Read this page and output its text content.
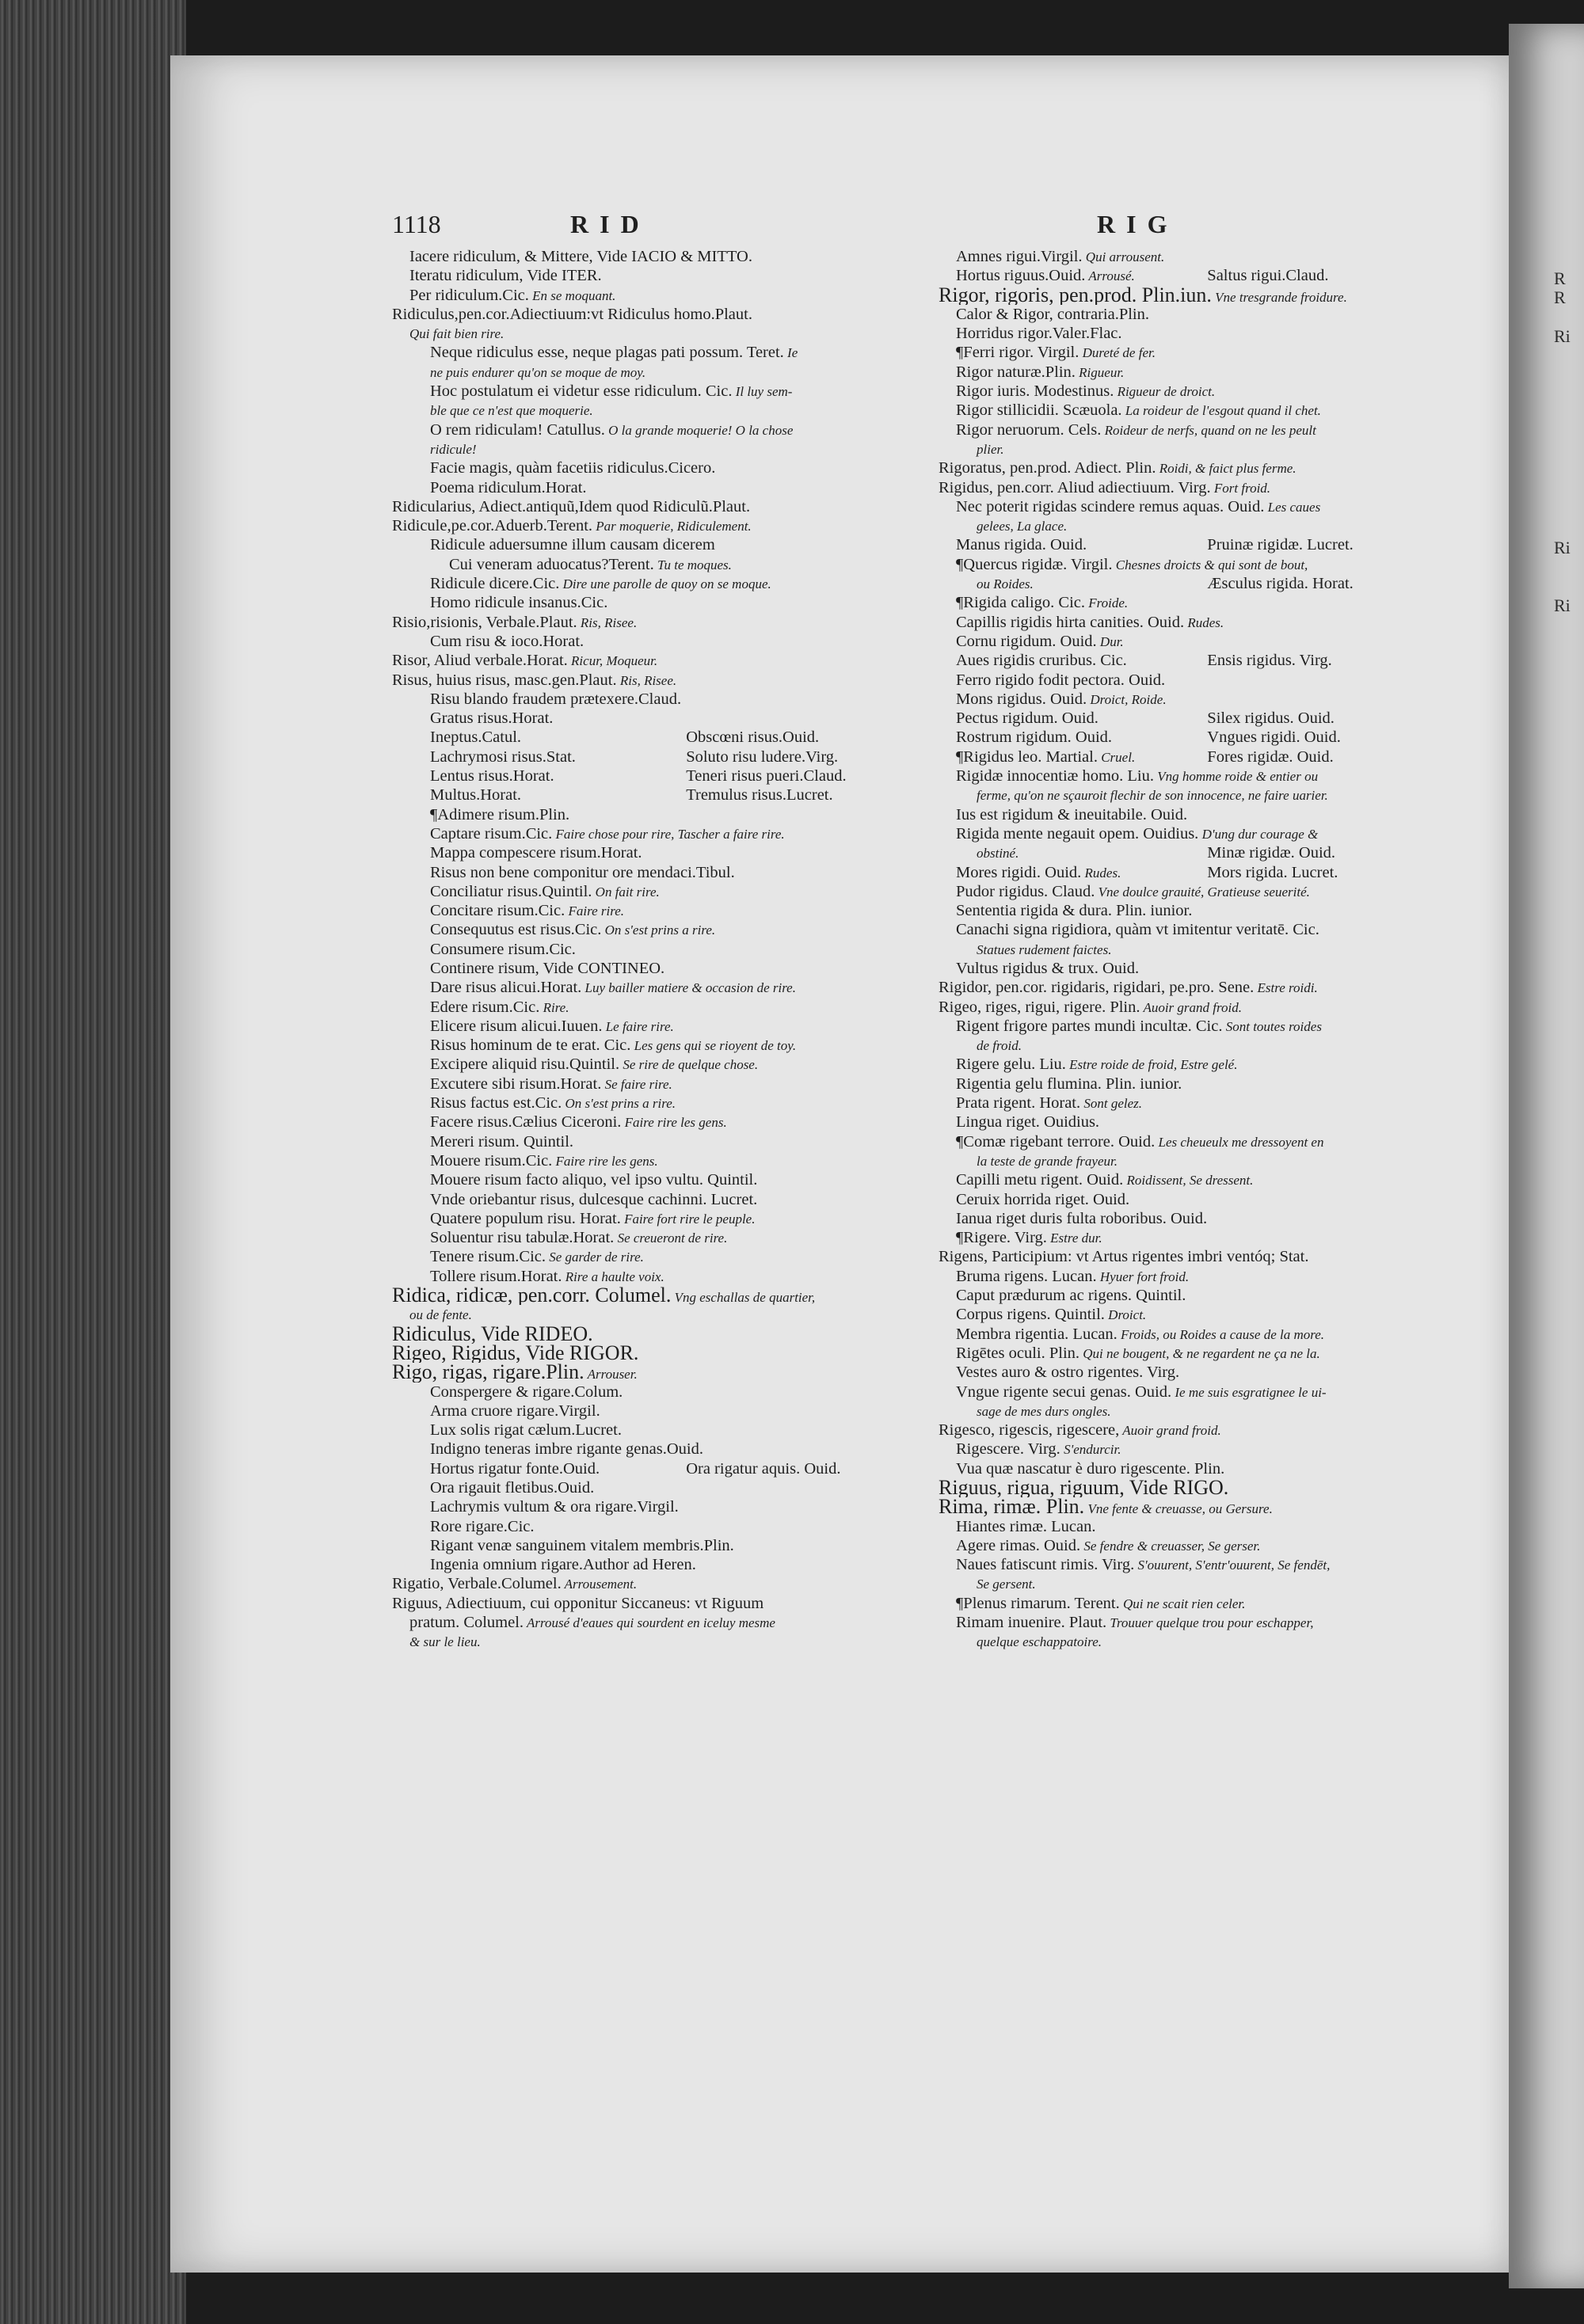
1118	RID	RIG
Iacere ridiculum, & Mittere, Vide IACIO & MITTO.
Iteratu ridiculum, Vide ITER.
Per ridiculum.Cic. En se moquant.
Ridiculus,pen.cor.Adiectiuum:vt Ridiculus homo.Plaut.
Qui fait bien rire.
Neque ridiculus esse, neque plagas pati possum. Teret. Ie
ne puis endurer qu'on se moque de moy.
Hoc postulatum ei videtur esse ridiculum. Cic. Il luy sem-
ble que ce n'est que moquerie.
O rem ridiculam! Catullus. O la grande moquerie! O la chose
ridicule!
Facie magis, quàm facetiis ridiculus.Cicero.
Poema ridiculum.Horat.
Ridicularius, Adiect.antiquũ,Idem quod Ridiculũ.Plaut.
Ridicule,pe.cor.Aduerb.Terent. Par moquerie, Ridiculement.
Ridicule aduersumne illum causam dicerem
Cui veneram aduocatus?Terent. Tu te moques.
Ridicule dicere.Cic. Dire une parolle de quoy on se moque.
Homo ridicule insanus.Cic.
Risio,risionis, Verbale.Plaut. Ris, Risee.
Cum risu & ioco.Horat.
Risor, Aliud verbale.Horat. Ricur, Moqueur.
Risus, huius risus, masc.gen.Plaut. Ris, Risee.
Risu blando fraudem prætexere.Claud.
Gratus risus.Horat.
Ineptus.Catul.	Obscœni risus.Ouid.
Lachrymosi risus.Stat.	Soluto risu ludere.Virg.
Lentus risus.Horat.	Teneri risus pueri.Claud.
Multus.Horat.	Tremulus risus.Lucret.
¶Adimere risum.Plin.
Captare risum.Cic. Faire chose pour rire, Tascher a faire rire.
Mappa compescere risum.Horat.
Risus non bene componitur ore mendaci.Tibul.
Conciliatur risus.Quintil. On fait rire.
Concitare risum.Cic. Faire rire.
Consequutus est risus.Cic. On s'est prins a rire.
Consumere risum.Cic.
Continere risum, Vide CONTINEO.
Dare risus alicui.Horat. Luy bailler matiere & occasion de rire.
Edere risum.Cic. Rire.
Elicere risum alicui.Iuuen. Le faire rire.
Risus hominum de te erat. Cic. Les gens qui se rioyent de toy.
Excipere aliquid risu.Quintil. Se rire de quelque chose.
Excutere sibi risum.Horat. Se faire rire.
Risus factus est.Cic. On s'est prins a rire.
Facere risus.Cælius Ciceroni. Faire rire les gens.
Mereri risum. Quintil.
Mouere risum.Cic. Faire rire les gens.
Mouere risum facto aliquo, vel ipso vultu. Quintil.
Vnde oriebantur risus, dulcesque cachinni. Lucret.
Quatere populum risu. Horat. Faire fort rire le peuple.
Soluentur risu tabulæ.Horat. Se creueront de rire.
Tenere risum.Cic. Se garder de rire.
Tollere risum.Horat. Rire a haulte voix.
Ridica, ridicæ, pen.corr. Columel. Vng eschallas de quartier,
ou de fente.
Ridiculus, Vide RIDEO.
Rigeo, Rigidus, Vide RIGOR.
Rigo, rigas, rigare.Plin. Arrouser.
Conspergere & rigare.Colum.
Arma cruore rigare.Virgil.
Lux solis rigat cælum.Lucret.
Indigno teneras imbre rigante genas.Ouid.
Hortus rigatur fonte.Ouid.	Ora rigatur aquis. Ouid.
Ora rigauit fletibus.Ouid.
Lachrymis vultum & ora rigare.Virgil.
Rore rigare.Cic.
Rigant venæ sanguinem vitalem membris.Plin.
Ingenia omnium rigare.Author ad Heren.
Rigatio, Verbale.Columel. Arrousement.
Riguus, Adiectiuum, cui opponitur Siccaneus: vt Riguum
pratum. Columel. Arrousé d'eaues qui sourdent en iceluy mesme
& sur le lieu.
Amnes rigui.Virgil. Qui arrousent.
Hortus riguus.Ouid. Arrousé.	Saltus rigui.Claud.
Rigor, rigoris, pen.prod. Plin.iun. Vne tresgrande froidure.
Calor & Rigor, contraria.Plin.
Horridus rigor.Valer.Flac.
¶Ferri rigor. Virgil. Dureté de fer.
Rigor naturæ.Plin. Rigueur.
Rigor iuris. Modestinus. Rigueur de droict.
Rigor stillicidii. Scæuola. La roideur de l'esgout quand il chet.
Rigor neruorum. Cels. Roideur de nerfs, quand on ne les peult
plier.
Rigoratus, pen.prod. Adiect. Plin. Roidi, & faict plus ferme.
Rigidus, pen.corr. Aliud adiectiuum. Virg. Fort froid.
Nec poterit rigidas scindere remus aquas. Ouid. Les caues
gelees, La glace.
Manus rigida. Ouid.	Pruinæ rigidæ. Lucret.
¶Quercus rigidæ. Virgil. Chesnes droicts & qui sont de bout,
ou Roides.	Æsculus rigida. Horat.
¶Rigida caligo. Cic. Froide.
Capillis rigidis hirta canities. Ouid. Rudes.
Cornu rigidum. Ouid. Dur.
Aues rigidis cruribus. Cic.	Ensis rigidus. Virg.
Ferro rigido fodit pectora. Ouid.
Mons rigidus. Ouid. Droict, Roide.
Pectus rigidum. Ouid.	Silex rigidus. Ouid.
Rostrum rigidum. Ouid.	Vngues rigidi. Ouid.
¶Rigidus leo. Martial. Cruel.	Fores rigidæ. Ouid.
Rigidæ innocentiæ homo. Liu. Vng homme roide & entier ou
ferme, qu'on ne sçauroit flechir de son innocence, ne faire uarier.
Ius est rigidum & ineuitabile. Ouid.
Rigida mente negauit opem. Ouidius. D'ung dur courage &
obstiné.	Minæ rigidæ. Ouid.
Mores rigidi. Ouid. Rudes.	Mors rigida. Lucret.
Pudor rigidus. Claud. Vne doulce grauité, Gratieuse seuerité.
Sententia rigida & dura. Plin. iunior.
Canachi signa rigidiora, quàm vt imitentur veritatē. Cic.
Statues rudement faictes.
Vultus rigidus & trux. Ouid.
Rigidor, pen.cor. rigidaris, rigidari, pe.pro. Sene. Estre roidi.
Rigeo, riges, rigui, rigere. Plin. Auoir grand froid.
Rigent frigore partes mundi incultæ. Cic. Sont toutes roides
de froid.
Rigere gelu. Liu. Estre roide de froid, Estre gelé.
Rigentia gelu flumina. Plin. iunior.
Prata rigent. Horat. Sont gelez.
Lingua riget. Ouidius.
¶Comæ rigebant terrore. Ouid. Les cheueulx me dressoyent en
la teste de grande frayeur.
Capilli metu rigent. Ouid. Roidissent, Se dressent.
Ceruix horrida riget. Ouid.
Ianua riget duris fulta roboribus. Ouid.
¶Rigere. Virg. Estre dur.
Rigens, Participium: vt Artus rigentes imbri ventóq; Stat.
Bruma rigens. Lucan. Hyuer fort froid.
Caput prædurum ac rigens. Quintil.
Corpus rigens. Quintil. Droict.
Membra rigentia. Lucan. Froids, ou Roides a cause de la more.
Rigētes oculi. Plin. Qui ne bougent, & ne regardent ne ça ne la.
Vestes auro & ostro rigentes. Virg.
Vngue rigente secui genas. Ouid. Ie me suis esgratignee le ui-
sage de mes durs ongles.
Rigesco, rigescis, rigescere, Auoir grand froid.
Rigescere. Virg. S'endurcir.
Vua quæ nascatur è duro rigescente. Plin.
Riguus, rigua, riguum, Vide RIGO.
Rima, rimæ. Plin. Vne fente & creuasse, ou Gersure.
Hiantes rimæ. Lucan.
Agere rimas. Ouid. Se fendre & creuasser, Se gerser.
Naues fatiscunt rimis. Virg. S'ouurent, S'entr'ouurent, Se fendēt,
Se gersent.
¶Plenus rimarum. Terent. Qui ne scait rien celer.
Rimam inuenire. Plaut. Trouuer quelque trou pour eschapper,
quelque eschappatoire.
R
R
Ri
Ri
Ri
